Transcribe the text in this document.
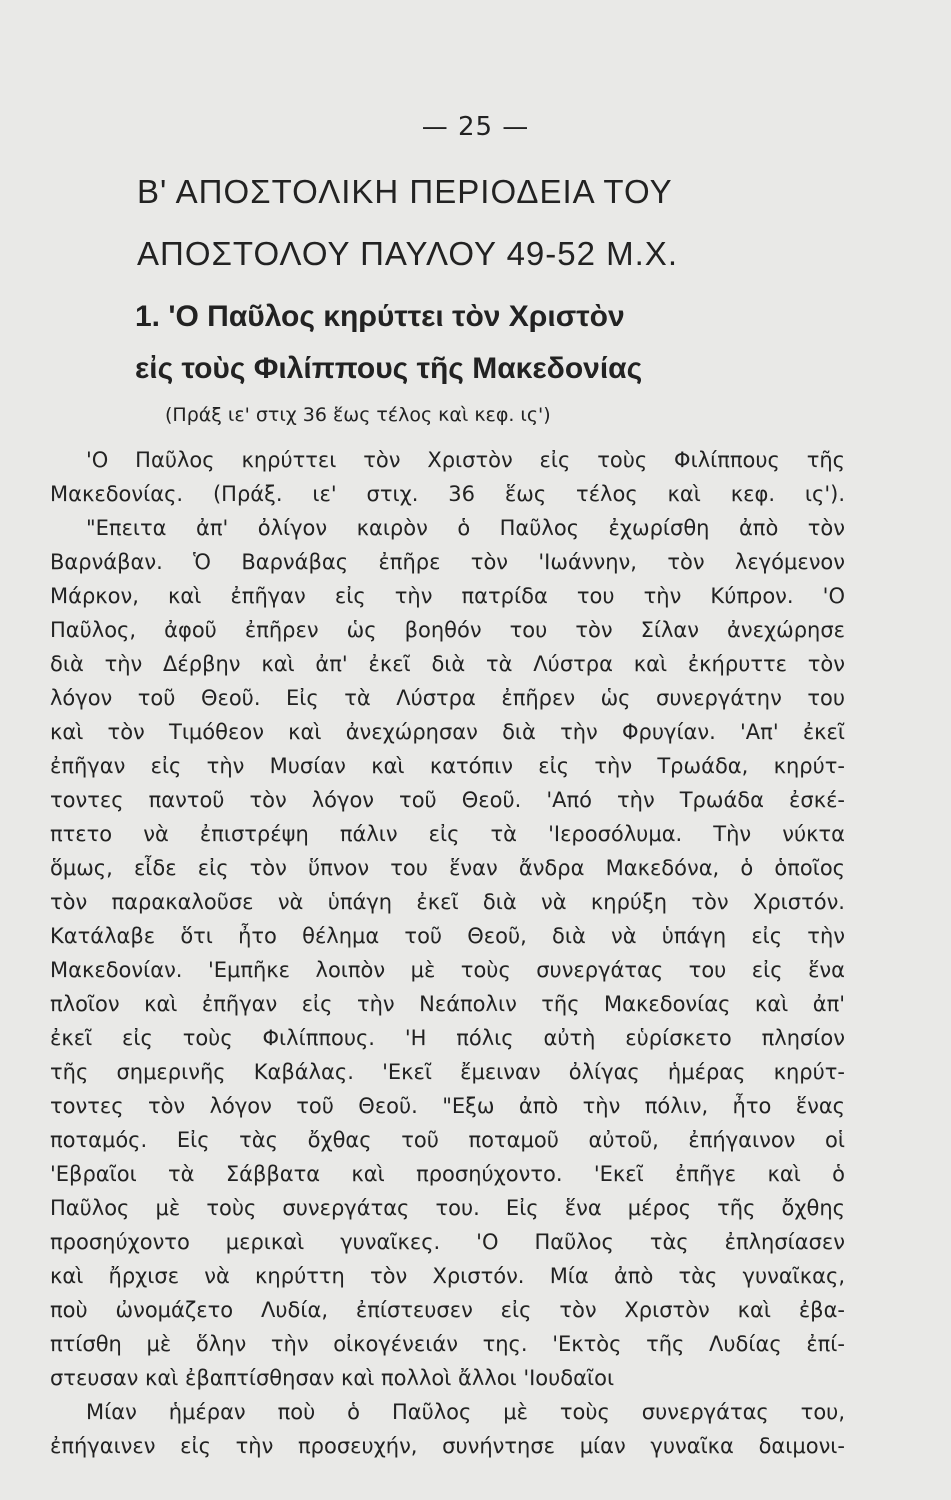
— 25 —
Β' ΑΠΟΣΤΟΛΙΚΗ ΠΕΡΙΟΔΕΙΑ ΤΟΥ
ΑΠΟΣΤΟΛΟΥ ΠΑΥΛΟΥ 49-52 Μ.Χ.
1. 'Ο Παῦλος κηρύττει τὸν Χριστὸν
εἰς τοὺς Φιλίππους τῆς Μακεδονίας
(Πράξ ιε' στιχ 36 ἕως τέλος καὶ κεφ. ις')
'Ο Παῦλος κηρύττει τὸν Χριστὸν εἰς τοὺς Φιλίππους τῆς
Μακεδονίας. (Πράξ. ιε' στιχ. 36 ἕως τέλος καὶ κεφ. ις').
"Επειτα ἀπ' ὀλίγον καιρὸν ὁ Παῦλος ἐχωρίσθη ἀπὸ τὸν
Βαρνάβαν. Ὁ Βαρνάβας ἐπῆρε τὸν 'Ιωάννην, τὸν λεγόμενον
Μάρκον, καὶ ἐπῆγαν εἰς τὴν πατρίδα του τὴν Κύπρον. 'Ο
Παῦλος, ἀφοῦ ἐπῆρεν ὡς βοηθόν του τὸν Σίλαν ἀνεχώρησε
διὰ τὴν Δέρβην καὶ ἀπ' ἐκεῖ διὰ τὰ Λύστρα καὶ ἐκήρυττε τὸν
λόγον τοῦ Θεοῦ. Εἰς τὰ Λύστρα ἐπῆρεν ὡς συνεργάτην του
καὶ τὸν Τιμόθεον καὶ ἀνεχώρησαν διὰ τὴν Φρυγίαν. 'Απ' ἐκεῖ
ἐπῆγαν εἰς τὴν Μυσίαν καὶ κατόπιν εἰς τὴν Τρωάδα, κηρύτ-
τοντες παντοῦ τὸν λόγον τοῦ Θεοῦ. 'Από τὴν Τρωάδα ἐσκέ-
πτετο νὰ ἐπιστρέψη πάλιν εἰς τὰ 'Ιεροσόλυμα. Τὴν νύκτα
ὅμως, εἶδε εἰς τὸν ὕπνον του ἕναν ἄνδρα Μακεδόνα, ὁ ὁποῖος
τὸν παρακαλοῦσε νὰ ὑπάγη ἐκεῖ διὰ νὰ κηρύξη τὸν Χριστόν.
Κατάλαβε ὅτι ἦτο θέλημα τοῦ Θεοῦ, διὰ νὰ ὑπάγη εἰς τὴν
Μακεδονίαν. 'Εμπῆκε λοιπὸν μὲ τοὺς συνεργάτας του εἰς ἕνα
πλοῖον καὶ ἐπῆγαν εἰς τὴν Νεάπολιν τῆς Μακεδονίας καὶ ἀπ'
ἐκεῖ εἰς τοὺς Φιλίππους. 'Η πόλις αὐτὴ εὑρίσκετο πλησίον
τῆς σημερινῆς Καβάλας. 'Εκεῖ ἔμειναν ὀλίγας ἡμέρας κηρύτ-
τοντες τὸν λόγον τοῦ Θεοῦ. "Εξω ἀπὸ τὴν πόλιν, ἦτο ἕνας
ποταμός. Εἰς τὰς ὄχθας τοῦ ποταμοῦ αὐτοῦ, ἐπήγαινον οἱ
'Εβραῖοι τὰ Σάββατα καὶ προσηύχοντο. 'Εκεῖ ἐπῆγε καὶ ὁ
Παῦλος μὲ τοὺς συνεργάτας του. Εἰς ἕνα μέρος τῆς ὄχθης
προσηύχοντο μερικαὶ γυναῖκες. 'Ο Παῦλος τὰς ἐπλησίασεν
καὶ ἤρχισε νὰ κηρύττη τὸν Χριστόν. Μία ἀπὸ τὰς γυναῖκας,
ποὺ ὠνομάζετο Λυδία, ἐπίστευσεν εἰς τὸν Χριστὸν καὶ ἐβα-
πτίσθη μὲ ὅλην τὴν οἰκογένειάν της. 'Εκτὸς τῆς Λυδίας ἐπί-
στευσαν καὶ ἐβαπτίσθησαν καὶ πολλοὶ ἄλλοι 'Ιουδαῖοι
Μίαν ἡμέραν ποὺ ὁ Παῦλος μὲ τοὺς συνεργάτας του,
ἐπήγαινεν εἰς τὴν προσευχήν, συνήντησε μίαν γυναῖκα δαιμονι-
